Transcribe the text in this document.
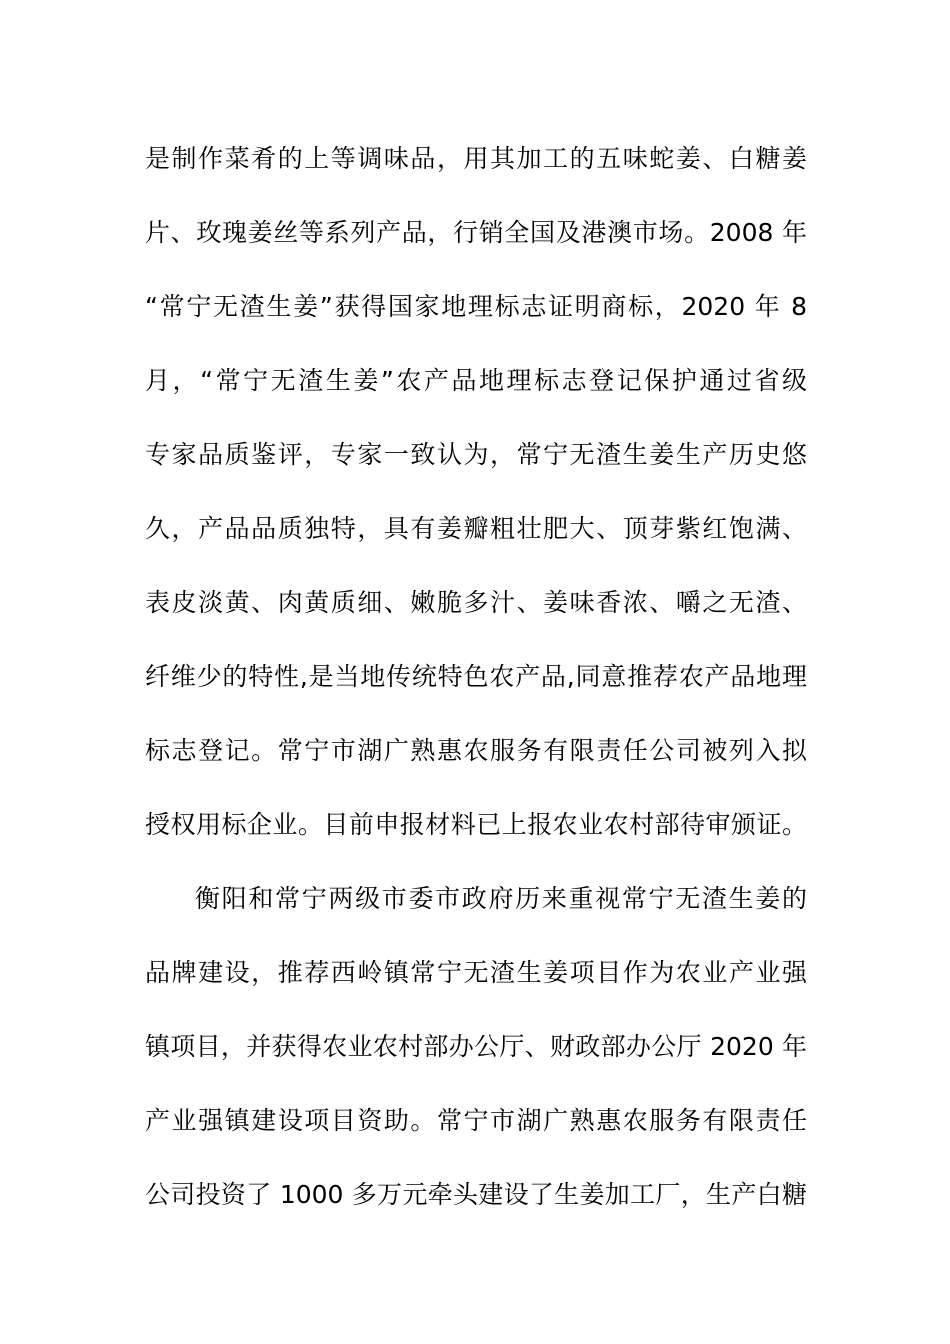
是制作菜肴的上等调味品，用其加工的五味蛇姜、白糖姜
片、玫瑰姜丝等系列产品，行销全国及港澳市场。2008 年
“常宁无渣生姜”获得国家地理标志证明商标，2020 年 8
月，“常宁无渣生姜”农产品地理标志登记保护通过省级
专家品质鉴评，专家一致认为，常宁无渣生姜生产历史悠
久，产品品质独特，具有姜瓣粗壮肥大、顶芽紫红饱满、
表皮淡黄、肉黄质细、嫩脆多汁、姜味香浓、嚼之无渣、
纤维少的特性,是当地传统特色农产品,同意推荐农产品地理
标志登记。常宁市湖广熟惠农服务有限责任公司被列入拟
授权用标企业。目前申报材料已上报农业农村部待审颁证。
衡阳和常宁两级市委市政府历来重视常宁无渣生姜的
品牌建设，推荐西岭镇常宁无渣生姜项目作为农业产业强
镇项目，并获得农业农村部办公厅、财政部办公厅 2020 年
产业强镇建设项目资助。常宁市湖广熟惠农服务有限责任
公司投资了 1000 多万元牵头建设了生姜加工厂，生产白糖
